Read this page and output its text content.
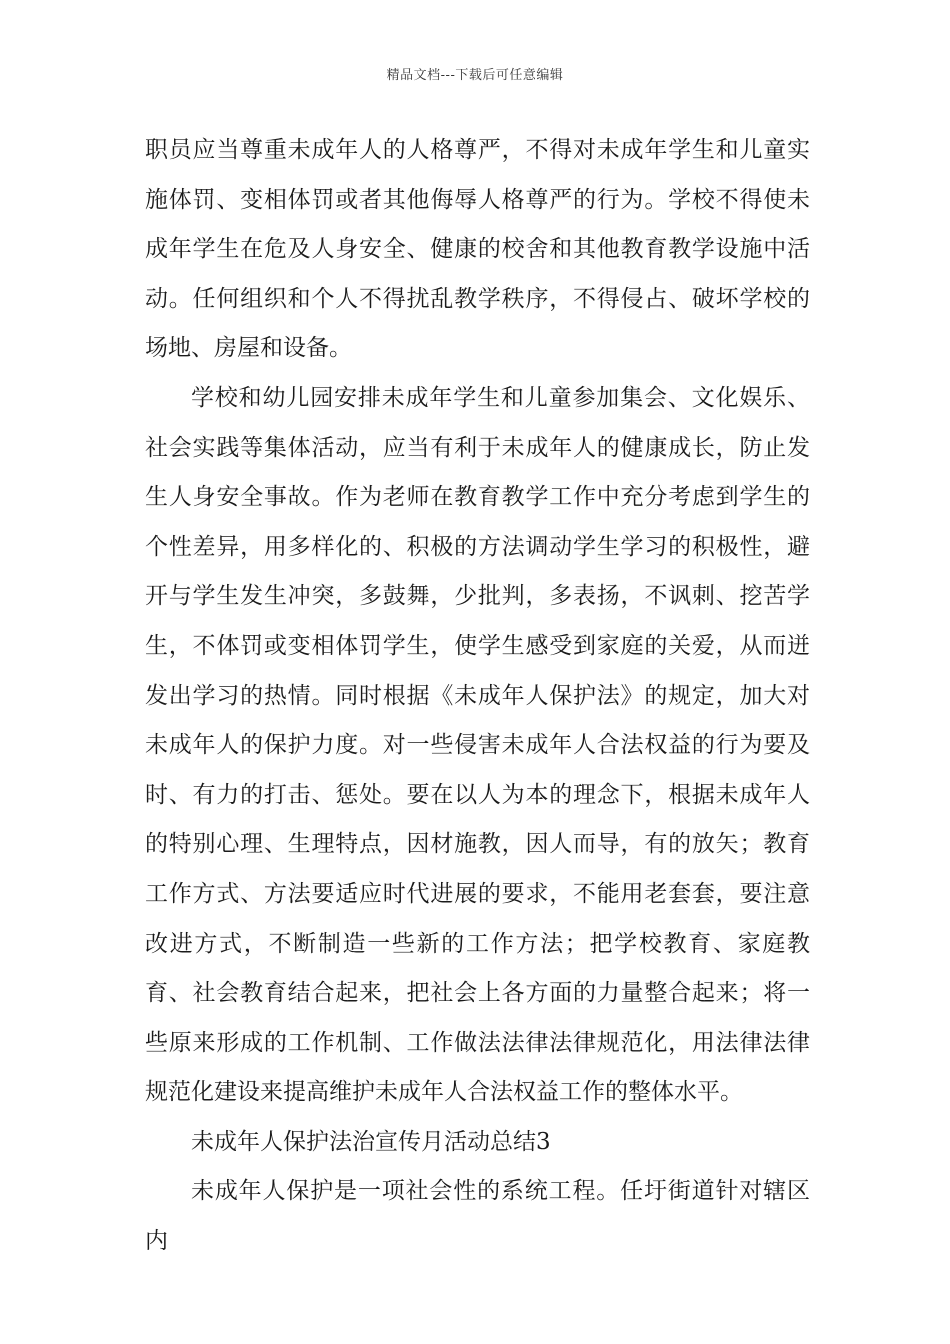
精品文档---下载后可任意编辑

职员应当尊重未成年人的人格尊严，不得对未成年学生和儿童实施体罚、变相体罚或者其他侮辱人格尊严的行为。学校不得使未成年学生在危及人身安全、健康的校舍和其他教育教学设施中活动。任何组织和个人不得扰乱教学秩序，不得侵占、破坏学校的场地、房屋和设备。

学校和幼儿园安排未成年学生和儿童参加集会、文化娱乐、社会实践等集体活动，应当有利于未成年人的健康成长，防止发生人身安全事故。作为老师在教育教学工作中充分考虑到学生的个性差异，用多样化的、积极的方法调动学生学习的积极性，避开与学生发生冲突，多鼓舞，少批判，多表扬，不讽刺、挖苦学生，不体罚或变相体罚学生，使学生感受到家庭的关爱，从而迸发出学习的热情。同时根据《未成年人保护法》的规定，加大对未成年人的保护力度。对一些侵害未成年人合法权益的行为要及时、有力的打击、惩处。要在以人为本的理念下，根据未成年人的特别心理、生理特点，因材施教，因人而导，有的放矢；教育工作方式、方法要适应时代进展的要求，不能用老套套，要注意改进方式，不断制造一些新的工作方法；把学校教育、家庭教育、社会教育结合起来，把社会上各方面的力量整合起来；将一些原来形成的工作机制、工作做法法律法律规范化，用法律法律规范化建设来提高维护未成年人合法权益工作的整体水平。

未成年人保护法治宣传月活动总结3

未成年人保护是一项社会性的系统工程。任圩街道针对辖区内
